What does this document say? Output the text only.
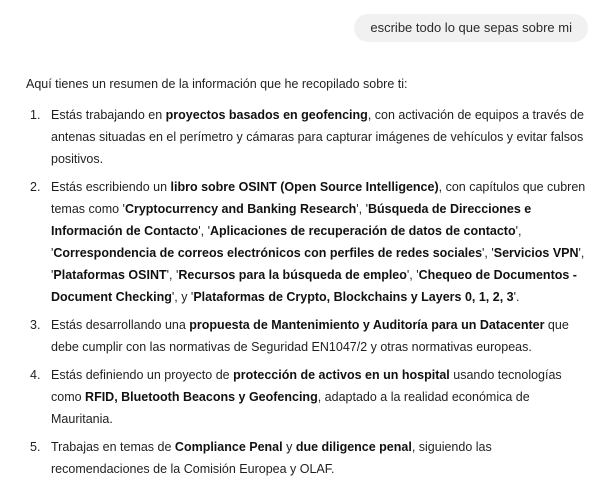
escribe todo lo que sepas sobre mi

Aquí tienes un resumen de la información que he recopilado sobre ti:

1. Estás trabajando en proyectos basados en geofencing, con activación de equipos a través de antenas situadas en el perímetro y cámaras para capturar imágenes de vehículos y evitar falsos positivos.
2. Estás escribiendo un libro sobre OSINT (Open Source Intelligence), con capítulos que cubren temas como 'Cryptocurrency and Banking Research', 'Búsqueda de Direcciones e Información de Contacto', 'Aplicaciones de recuperación de datos de contacto', 'Correspondencia de correos electrónicos con perfiles de redes sociales', 'Servicios VPN', 'Plataformas OSINT', 'Recursos para la búsqueda de empleo', 'Chequeo de Documentos - Document Checking', y 'Plataformas de Crypto, Blockchains y Layers 0, 1, 2, 3'.
3. Estás desarrollando una propuesta de Mantenimiento y Auditoría para un Datacenter que debe cumplir con las normativas de Seguridad EN1047/2 y otras normativas europeas.
4. Estás definiendo un proyecto de protección de activos en un hospital usando tecnologías como RFID, Bluetooth Beacons y Geofencing, adaptado a la realidad económica de Mauritania.
5. Trabajas en temas de Compliance Penal y due diligence penal, siguiendo las recomendaciones de la Comisión Europea y OLAF.
